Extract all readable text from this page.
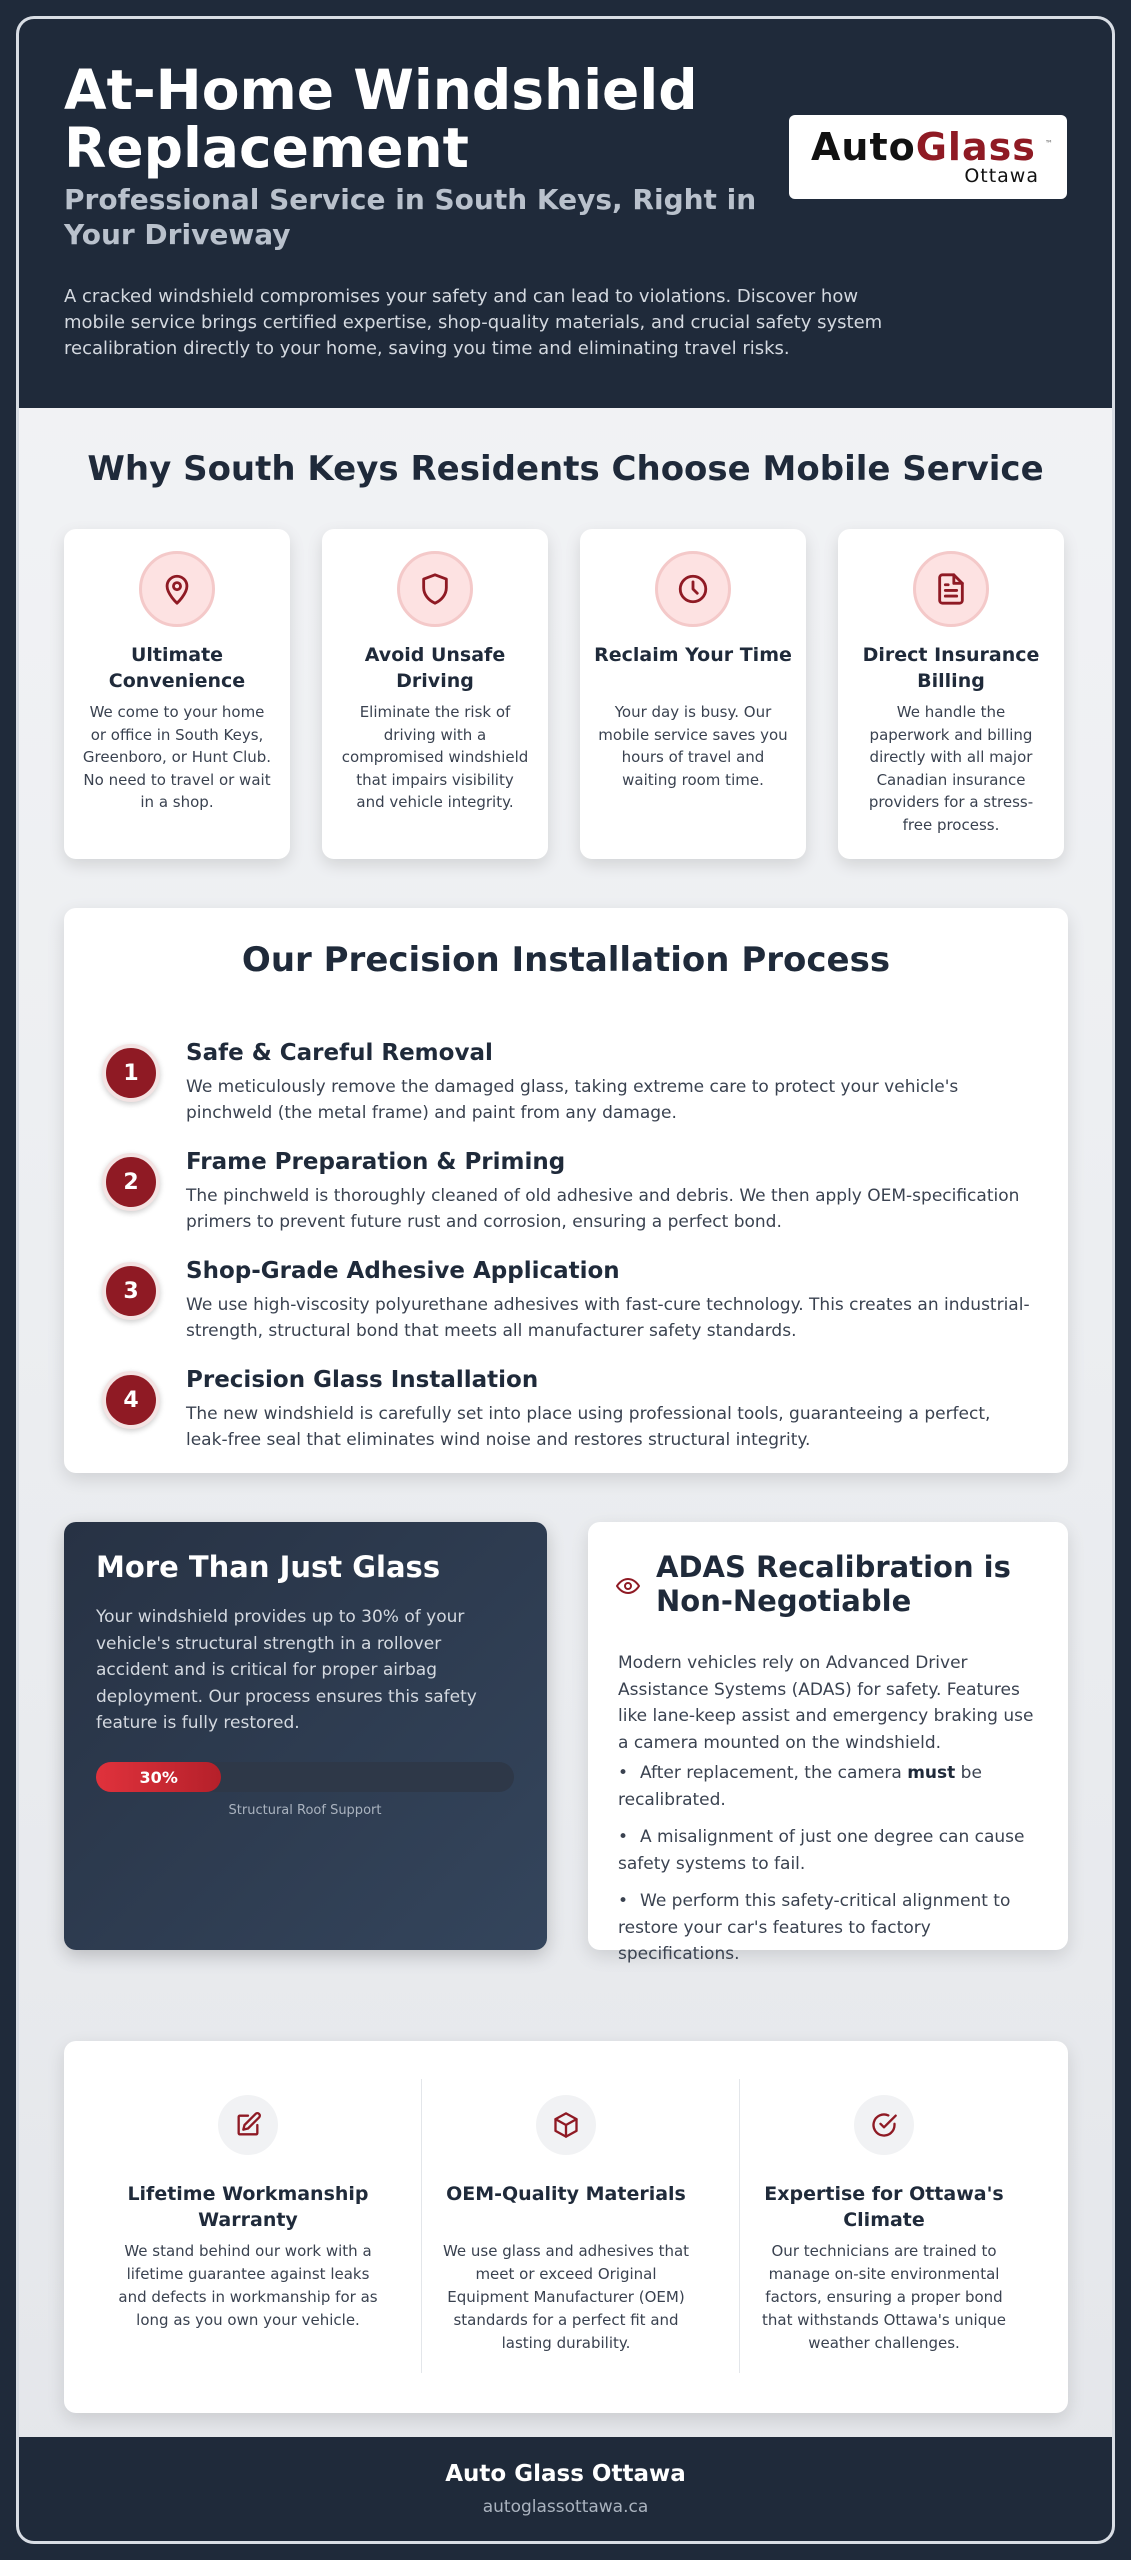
At-Home Windshield Replacement
Professional Service in South Keys, Right in Your Driveway

A cracked windshield compromises your safety and can lead to violations. Discover how mobile service brings certified expertise, shop-quality materials, and crucial safety system recalibration directly to your home, saving you time and eliminating travel risks.

AutoGlass ™
Ottawa
Why South Keys Residents Choose Mobile Service
Ultimate Convenience
We come to your home or office in South Keys, Greenboro, or Hunt Club. No need to travel or wait in a shop.
Avoid Unsafe Driving
Eliminate the risk of driving with a compromised windshield that impairs visibility and vehicle integrity.
Reclaim Your Time
Your day is busy. Our mobile service saves you hours of travel and waiting room time.
Direct Insurance Billing
We handle the paperwork and billing directly with all major Canadian insurance providers for a stress-free process.
Our Precision Installation Process
1
Safe & Careful Removal
We meticulously remove the damaged glass, taking extreme care to protect your vehicle's pinchweld (the metal frame) and paint from any damage.
2
Frame Preparation & Priming
The pinchweld is thoroughly cleaned of old adhesive and debris. We then apply OEM-specification primers to prevent future rust and corrosion, ensuring a perfect bond.
3
Shop-Grade Adhesive Application
We use high-viscosity polyurethane adhesives with fast-cure technology. This creates an industrial-strength, structural bond that meets all manufacturer safety standards.
4
Precision Glass Installation
The new windshield is carefully set into place using professional tools, guaranteeing a perfect, leak-free seal that eliminates wind noise and restores structural integrity.
More Than Just Glass

Your windshield provides up to 30% of your vehicle's structural strength in a rollover accident and is critical for proper airbag deployment. Our process ensures this safety feature is fully restored.

30%
Structural Roof Support
ADAS Recalibration is Non-Negotiable

Modern vehicles rely on Advanced Driver Assistance Systems (ADAS) for safety. Features like lane-keep assist and emergency braking use a camera mounted on the windshield.

• After replacement, the camera must be recalibrated.
• A misalignment of just one degree can cause safety systems to fail.
• We perform this safety-critical alignment to restore your car's features to factory specifications.
Lifetime Workmanship Warranty
We stand behind our work with a lifetime guarantee against leaks and defects in workmanship for as long as you own your vehicle.
OEM-Quality Materials
We use glass and adhesives that meet or exceed Original Equipment Manufacturer (OEM) standards for a perfect fit and lasting durability.
Expertise for Ottawa's Climate
Our technicians are trained to manage on-site environmental factors, ensuring a proper bond that withstands Ottawa's unique weather challenges.
Auto Glass Ottawa
autoglassottawa.ca
